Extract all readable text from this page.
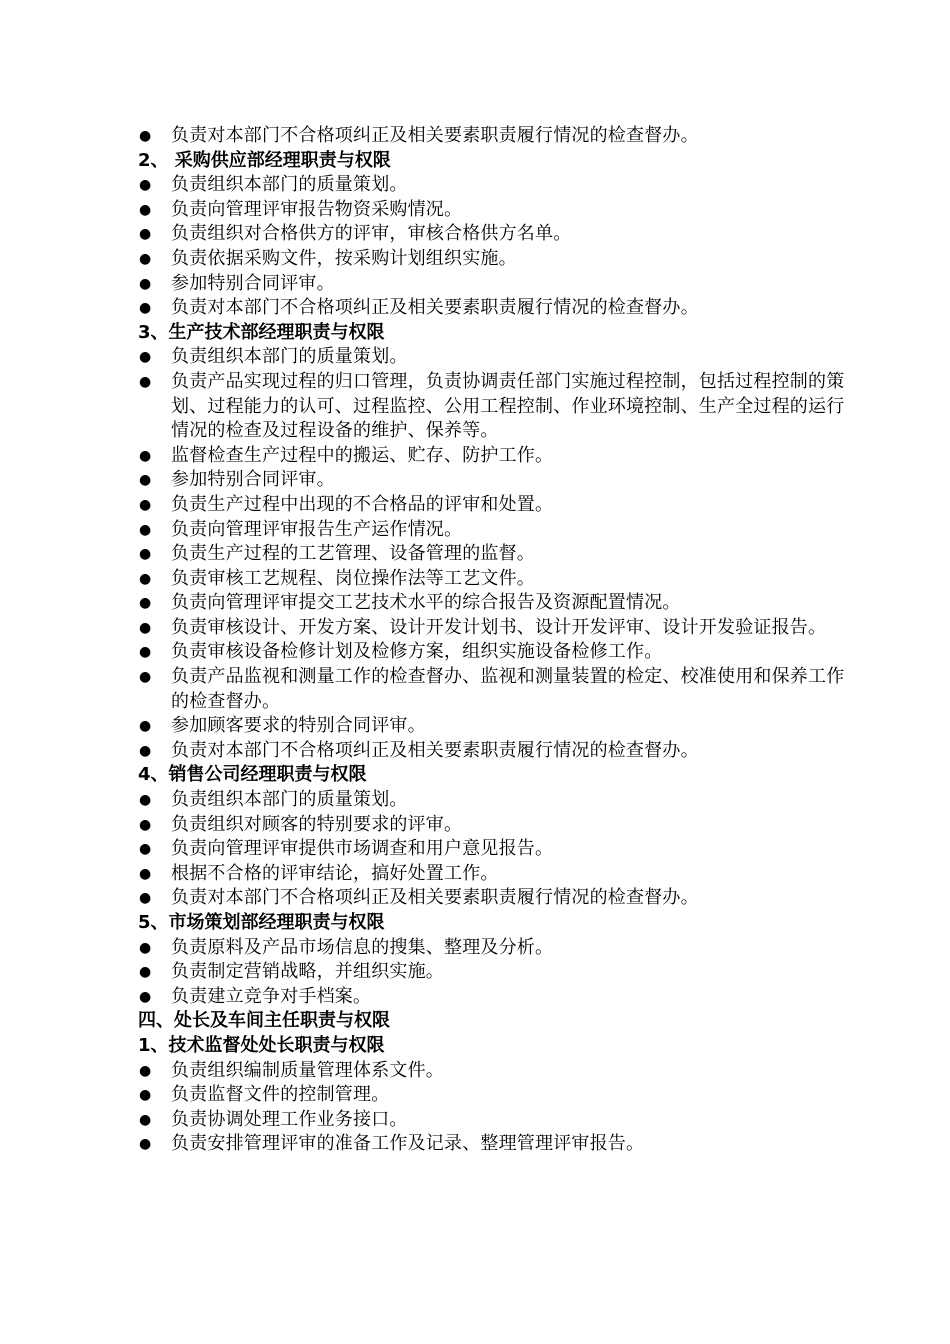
●	负责对本部门不合格项纠正及相关要素职责履行情况的检查督办。
2、 采购供应部经理职责与权限
●	负责组织本部门的质量策划。
●	负责向管理评审报告物资采购情况。
●	负责组织对合格供方的评审，审核合格供方名单。
●	负责依据采购文件，按采购计划组织实施。
●	参加特别合同评审。
●	负责对本部门不合格项纠正及相关要素职责履行情况的检查督办。
3、生产技术部经理职责与权限
●	负责组织本部门的质量策划。
●	负责产品实现过程的归口管理，负责协调责任部门实施过程控制，包括过程控制的策划、过程能力的认可、过程监控、公用工程控制、作业环境控制、生产全过程的运行情况的检查及过程设备的维护、保养等。
●	监督检查生产过程中的搬运、贮存、防护工作。
●	参加特别合同评审。
●	负责生产过程中出现的不合格品的评审和处置。
●	负责向管理评审报告生产运作情况。
●	负责生产过程的工艺管理、设备管理的监督。
●	负责审核工艺规程、岗位操作法等工艺文件。
●	负责向管理评审提交工艺技术水平的综合报告及资源配置情况。
●	负责审核设计、开发方案、设计开发计划书、设计开发评审、设计开发验证报告。
●	负责审核设备检修计划及检修方案，组织实施设备检修工作。
●	负责产品监视和测量工作的检查督办、监视和测量装置的检定、校准使用和保养工作的检查督办。
●	参加顾客要求的特别合同评审。
●	负责对本部门不合格项纠正及相关要素职责履行情况的检查督办。
4、销售公司经理职责与权限
●	负责组织本部门的质量策划。
●	负责组织对顾客的特别要求的评审。
●	负责向管理评审提供市场调查和用户意见报告。
●	根据不合格的评审结论，搞好处置工作。
●	负责对本部门不合格项纠正及相关要素职责履行情况的检查督办。
5、市场策划部经理职责与权限
●	负责原料及产品市场信息的搜集、整理及分析。
●	负责制定营销战略，并组织实施。
●	负责建立竞争对手档案。
四、处长及车间主任职责与权限
1、技术监督处处长职责与权限
●	负责组织编制质量管理体系文件。
●	负责监督文件的控制管理。
●	负责协调处理工作业务接口。
●	负责安排管理评审的准备工作及记录、整理管理评审报告。
